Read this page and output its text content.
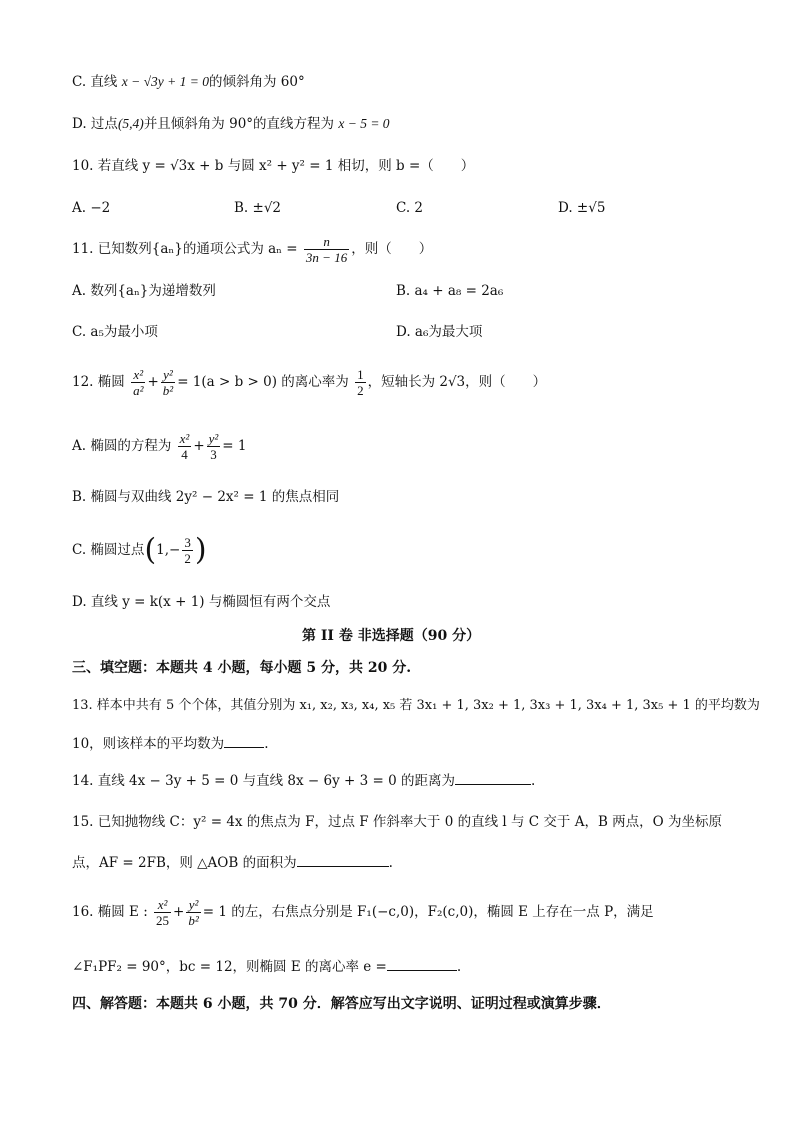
C. 直线 x − √3y + 1 = 0的倾斜角为 60°
D. 过点(5,4)并且倾斜角为 90°的直线方程为 x − 5 = 0
10. 若直线 y = √3x + b 与圆 x² + y² = 1 相切，则 b =（　　）
A. −2	B. ±√2	C. 2	D. ±√5
11. 已知数列{aₙ}的通项公式为 $a_n = \frac{n}{3n - 16}$ ，则（　　）
A. 数列{aₙ}为递增数列	B. a₄ + a₈ = 2a₆
C. a₅为最小项	D. a₆为最大项
12. 椭圆 $\frac{\text{x²}}{\text{a²}} + \frac{\text{y²}}{\text{b²}} = 1(a > b > 0)$ 的离心率为 $\frac{1}{2}$ ，短轴长为 2√3，则（　　）
A. 椭圆的方程为 $\frac{\text{x²}}{4} + \frac{\text{y²}}{3} = 1$
B. 椭圆与双曲线 2y² − 2x² = 1 的焦点相同
C. 椭圆过点($1,- \frac{3}{2}$ )
D. 直线 y = k(x + 1) 与椭圆恒有两个交点
第 II 卷 非选择题（90 分）
三、填空题：本题共 4 小题，每小题 5 分，共 20 分.
13. 样本中共有 5 个个体，其值分别为 x₁, x₂, x₃, x₄, x₅ 若 3x₁ + 1, 3x₂ + 1, 3x₃ + 1, 3x₄ + 1, 3x₅ + 1 的平均数为
10，则该样本的平均数为	.
14. 直线 4x − 3y + 5 = 0 与直线 8x − 6y + 3 = 0 的距离为	.
15. 已知抛物线 C：y² = 4x 的焦点为 F，过点 F 作斜率大于 0 的直线 l 与 C 交于 A，B 两点，O 为坐标原
点，AF = 2FB，则 △AOB 的面积为	.
16. 椭圆 E : $\frac{\text{x²}}{25} + \frac{\text{y²}}{\text{b²}} = 1$ 的左，右焦点分别是 F₁(−c,0)，F₂(c,0)，椭圆 E 上存在一点 P，满足
∠F₁PF₂ = 90°，bc = 12，则椭圆 E 的离心率 e =	.
四、解答题：本题共 6 小题，共 70 分．解答应写出文字说明、证明过程或演算步骤．
